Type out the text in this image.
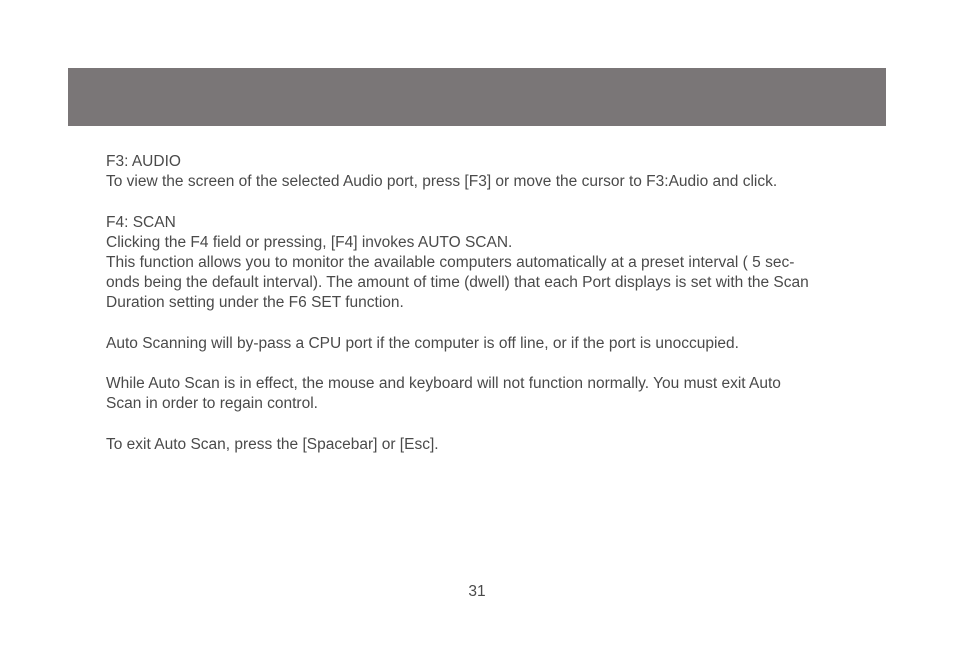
F3: AUDIO
To view the screen of the selected Audio port, press [F3] or move the cursor to F3:Audio and click.
F4: SCAN
Clicking the F4 field or pressing, [F4] invokes AUTO SCAN.
This function allows you to monitor the available computers automatically at a preset interval ( 5 sec-
onds being the default interval). The amount of time (dwell) that each Port displays is set with the Scan
Duration setting under the F6 SET function.
Auto Scanning will by-pass a CPU port if the computer is off line, or if the port is unoccupied.
While Auto Scan is in effect, the mouse and keyboard will not function normally. You must exit Auto
Scan in order to regain control.
To exit Auto Scan, press the [Spacebar] or [Esc].
31
